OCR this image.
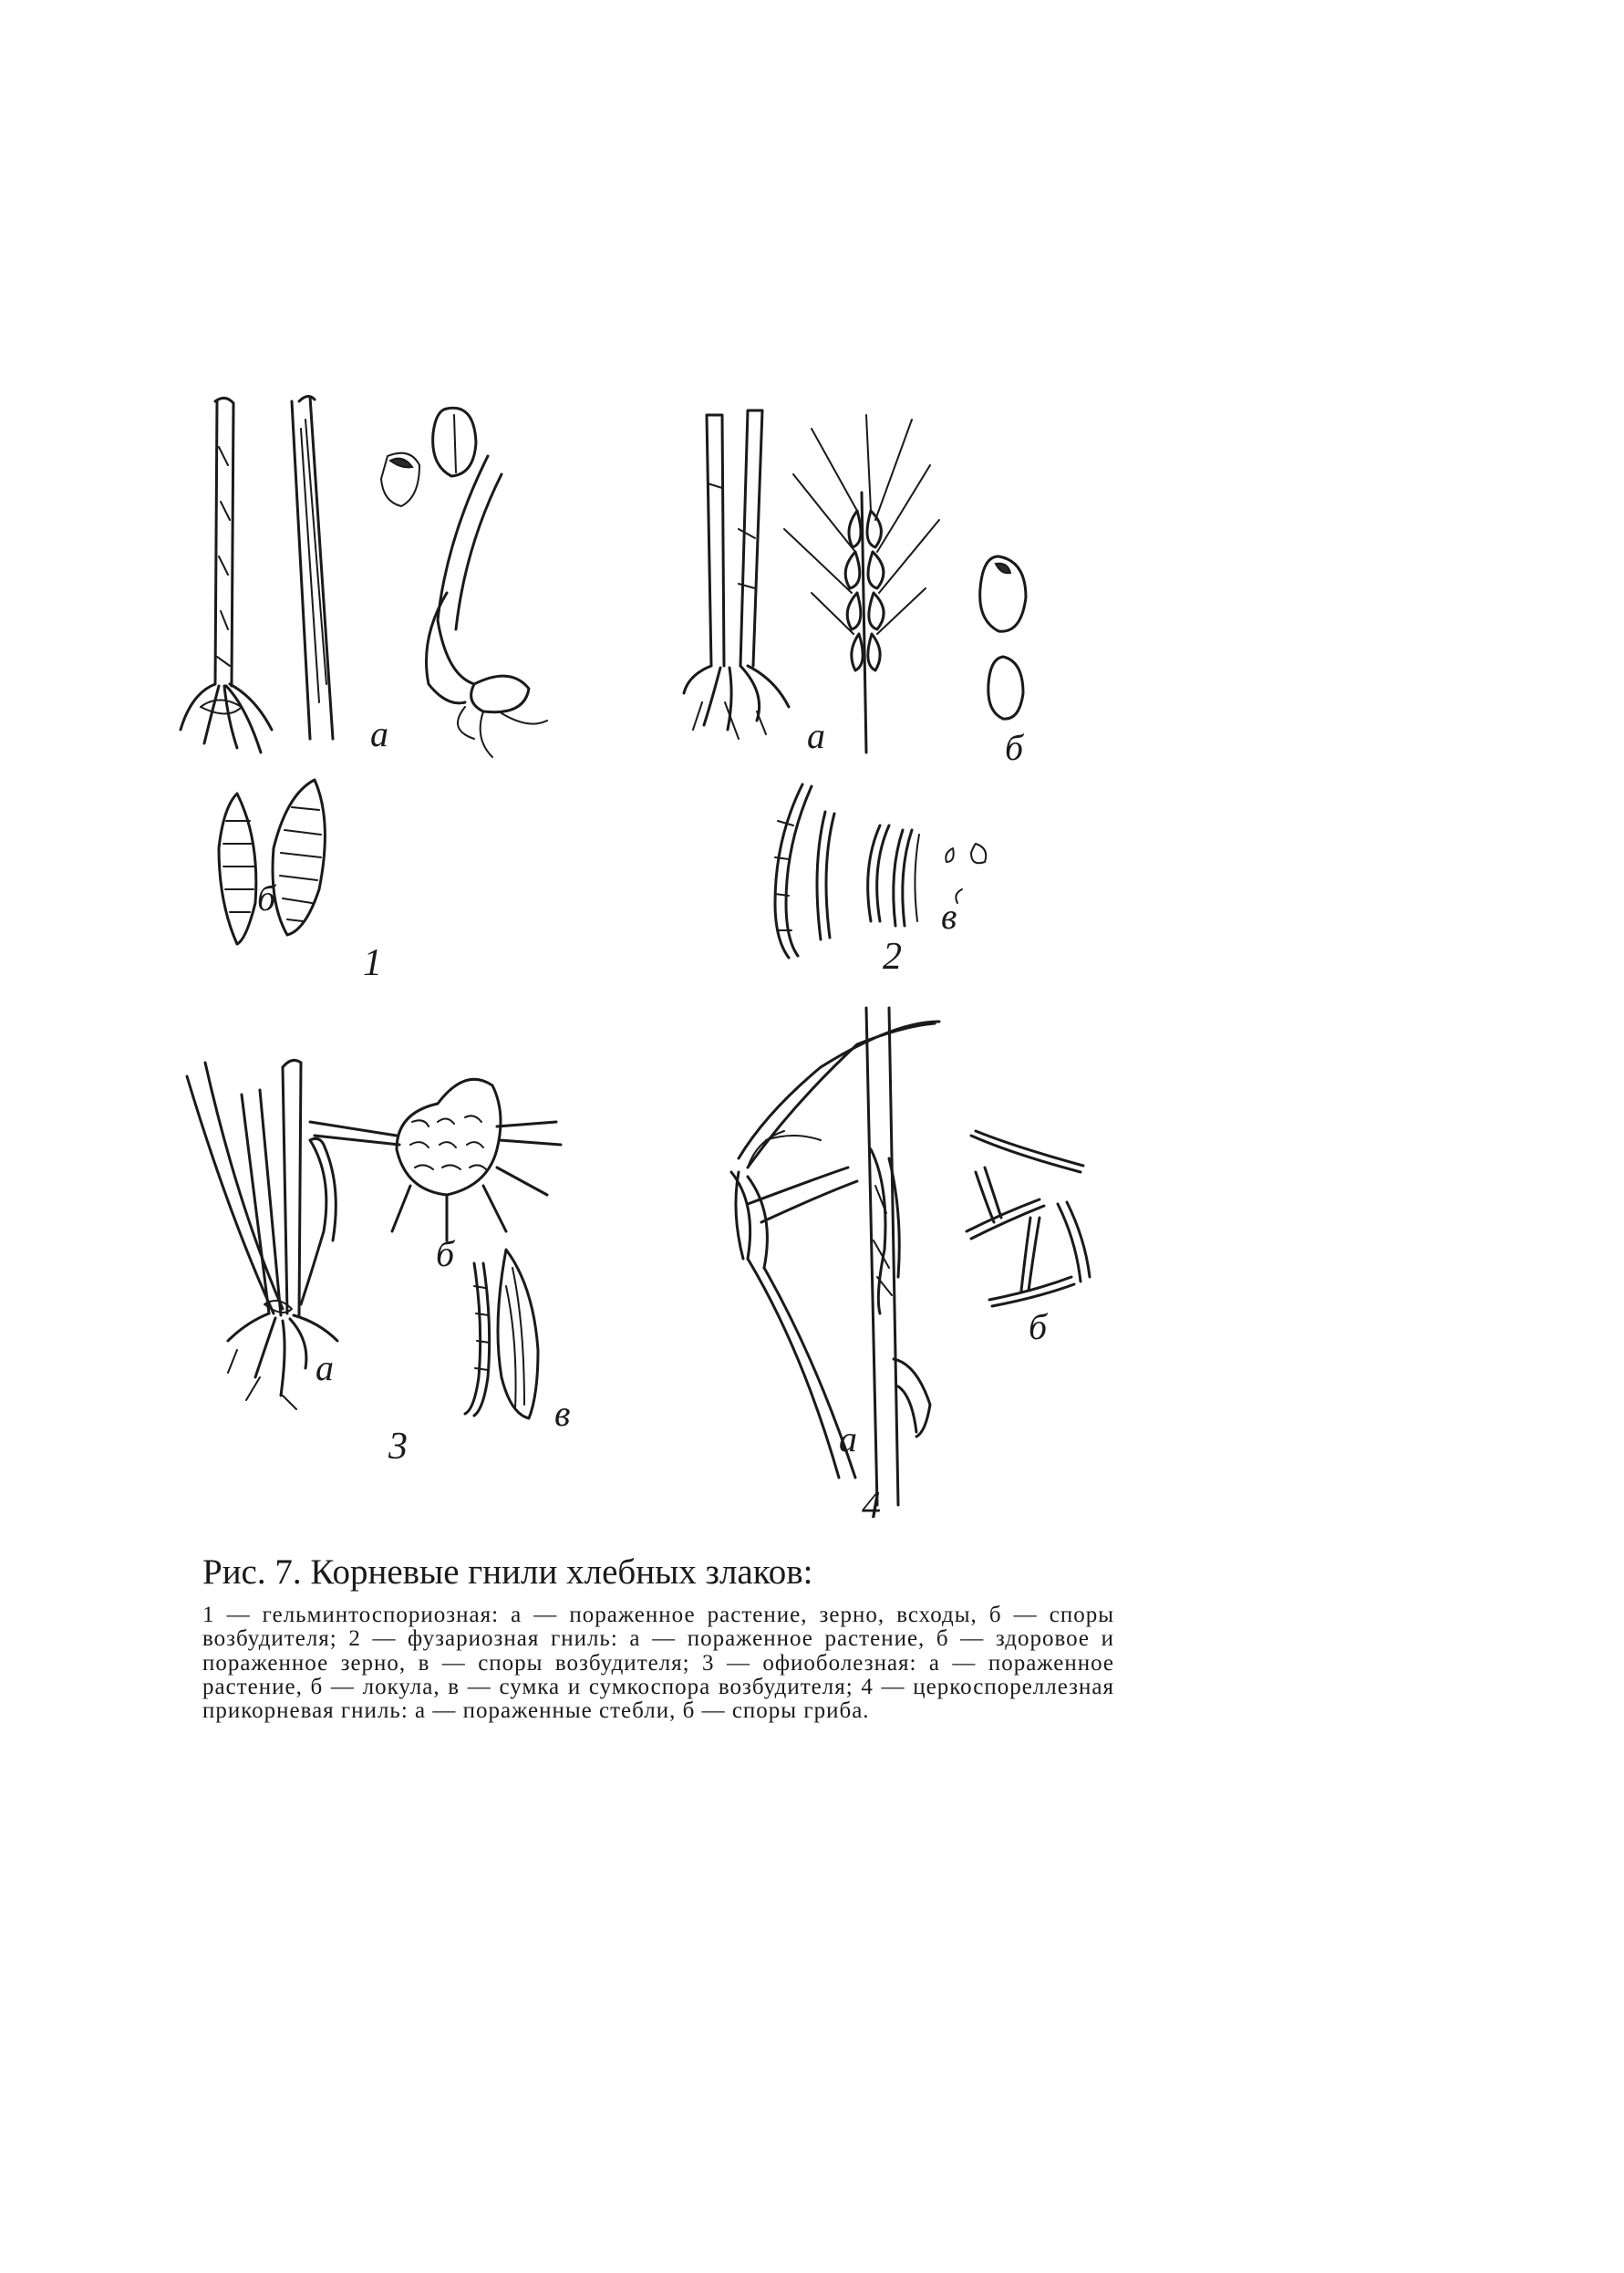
а
б
1
а	б
в
2
а
б
в
3	а
б
4
Рис. 7. Корневые гнили хлебных злаков:
1 — гельминтоспориозная: а — пораженное растение, зерно, всходы, б — споры возбудителя; 2 — фузариозная гниль: а — пораженное растение, б — здоровое и пораженное зерно, в — споры возбудителя; 3 — офиоболезная: а — пораженное растение, б — локула, в — сумка и сумкоспора возбудителя; 4 — церкоспореллезная прикорневая гниль: а — пораженные стебли, б — споры гриба.
